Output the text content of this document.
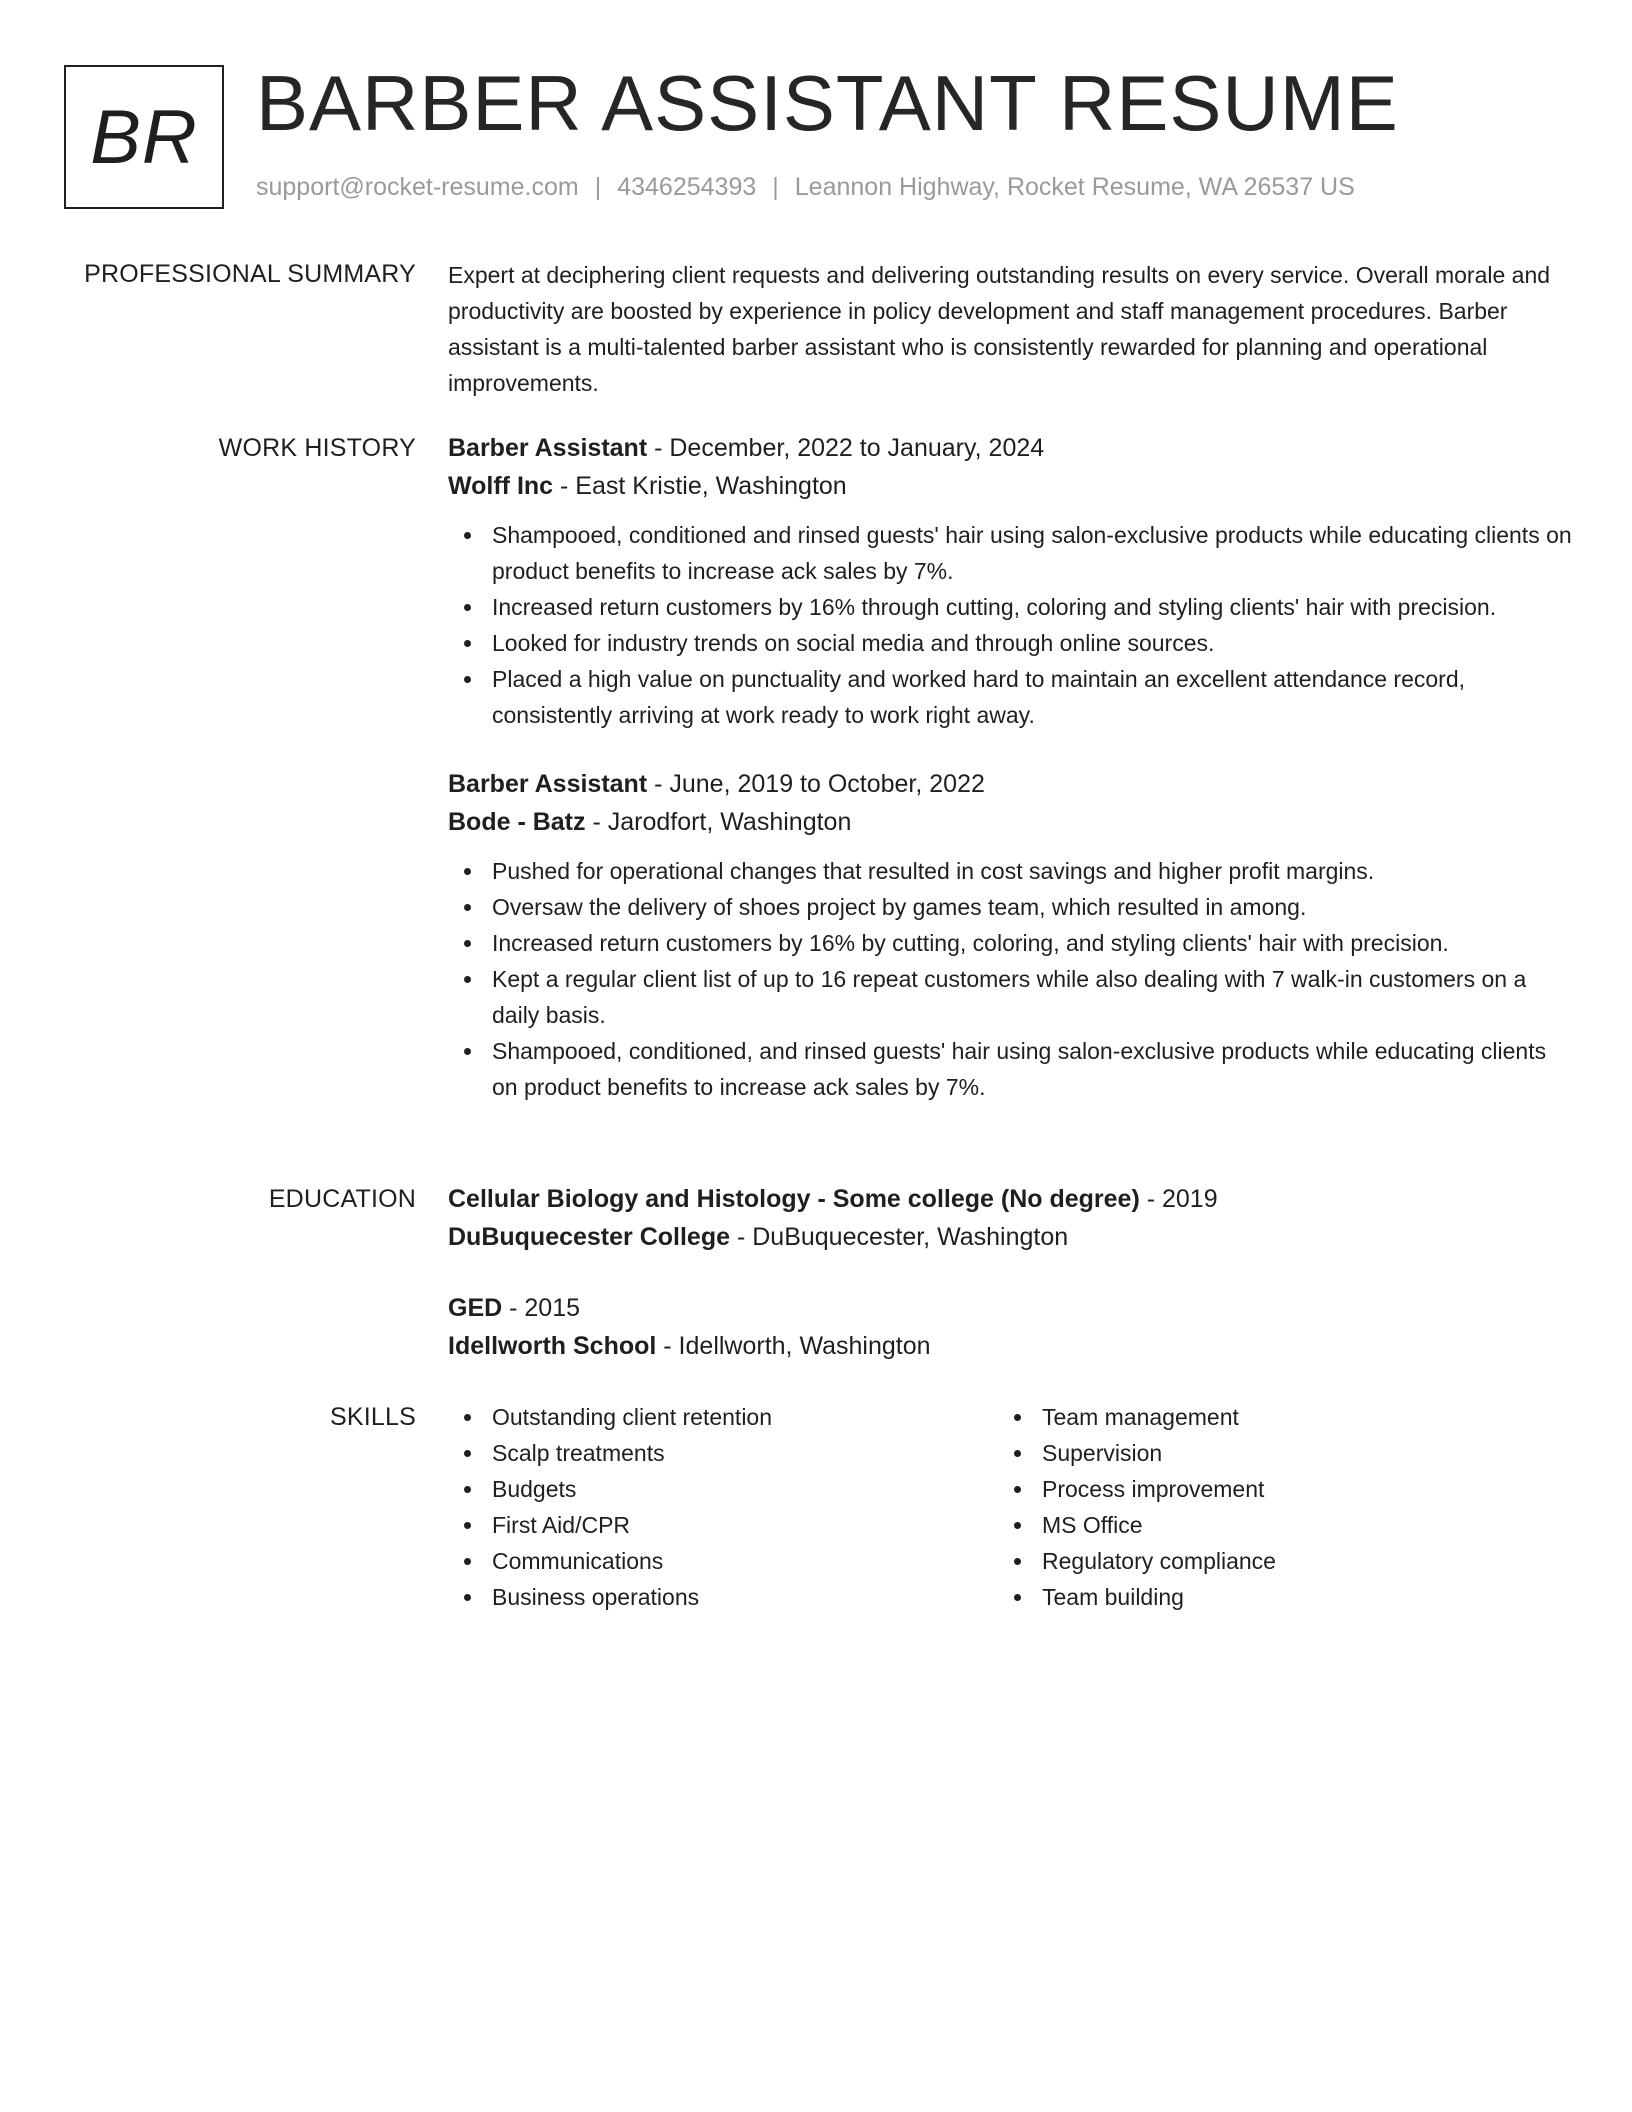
BR BARBER ASSISTANT RESUME
support@rocket-resume.com | 4346254393 | Leannon Highway, Rocket Resume, WA 26537 US
PROFESSIONAL SUMMARY Expert at deciphering client requests and delivering outstanding results on every service. Overall morale and productivity are boosted by experience in policy development and staff management procedures. Barber assistant is a multi-talented barber assistant who is consistently rewarded for planning and operational improvements.

WORK HISTORY Barber Assistant - December, 2022 to January, 2024
Wolff Inc - East Kristie, Washington
Shampooed, conditioned and rinsed guests' hair using salon-exclusive products while educating clients on product benefits to increase ack sales by 7%.
Increased return customers by 16% through cutting, coloring and styling clients' hair with precision.
Looked for industry trends on social media and through online sources.
Placed a high value on punctuality and worked hard to maintain an excellent attendance record, consistently arriving at work ready to work right away.
Barber Assistant - June, 2019 to October, 2022
Bode - Batz - Jarodfort, Washington
Pushed for operational changes that resulted in cost savings and higher profit margins.
Oversaw the delivery of shoes project by games team, which resulted in among.
Increased return customers by 16% by cutting, coloring, and styling clients' hair with precision.
Kept a regular client list of up to 16 repeat customers while also dealing with 7 walk-in customers on a daily basis.
Shampooed, conditioned, and rinsed guests' hair using salon-exclusive products while educating clients on product benefits to increase ack sales by 7%.
EDUCATION Cellular Biology and Histology - Some college (No degree) - 2019
DuBuquecester College - DuBuquecester, Washington
GED - 2015
Idellworth School - Idellworth, Washington
SKILLS	Outstanding client retention
Scalp treatments
Budgets
First Aid/CPR
Communications
Business operations
Team management
Supervision
Process improvement
MS Office
Regulatory compliance
Team building
